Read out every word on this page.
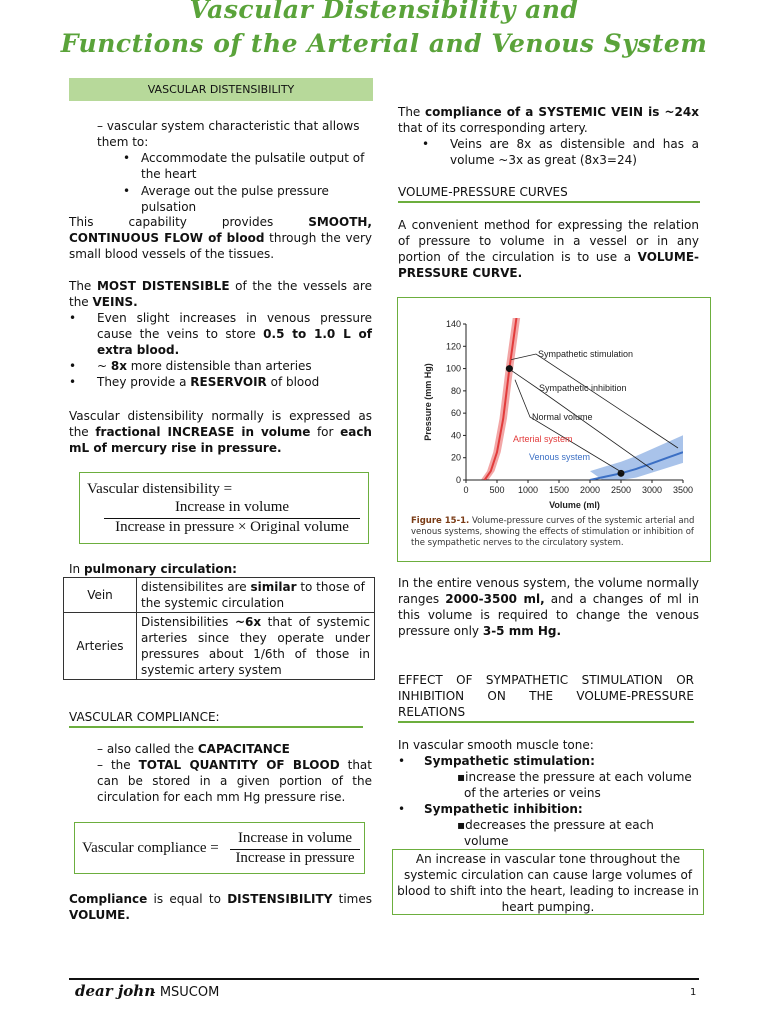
Vascular Distensibility and
Functions of the Arterial and Venous System
VASCULAR DISTENSIBILITY
– vascular system characteristic that allows them to:
• Accommodate the pulsatile output of the heart
• Average out the pulse pressure pulsation
This capability provides SMOOTH, CONTINUOUS FLOW of blood through the very small blood vessels of the tissues.
The MOST DISTENSIBLE of the the vessels are the VEINS.
• Even slight increases in venous pressure cause the veins to store 0.5 to 1.0 L of extra blood.
• ~ 8x more distensible than arteries
• They provide a RESERVOIR of blood
Vascular distensibility normally is expressed as the fractional INCREASE in volume for each mL of mercury rise in pressure.
Vascular distensibility =
Increase in volume
Increase in pressure × Original volume
In pulmonary circulation:
Vein	distensibilites are similar to those of the systemic circulation
Arteries	Distensibilities ~6x that of systemic arteries since they operate under pressures about 1/6th of those in systemic artery system
VASCULAR COMPLIANCE:
– also called the CAPACITANCE
– the TOTAL QUANTITY OF BLOOD that can be stored in a given portion of the circulation for each mm Hg pressure rise.
Vascular compliance =
Increase in volume
Increase in pressure
Compliance is equal to DISTENSIBILITY times VOLUME.
The compliance of a SYSTEMIC VEIN is ~24x that of its corresponding artery.
• Veins are 8x as distensible and has a volume ~3x as great (8x3=24)
VOLUME-PRESSURE CURVES
A convenient method for expressing the relation of pressure to volume in a vessel or in any portion of the circulation is to use a VOLUME-PRESSURE CURVE.
0 500 1000 1500 2000 2500 3000 3500
0
20
40
60
80
100
120
140
Volume (ml)
Pressure (mm Hg)
Sympathetic stimulation
Sympathetic inhibition
Normal volume
Arterial system
Venous system
Figure 15-1. Volume-pressure curves of the systemic arterial and venous systems, showing the effects of stimulation or inhibition of the sympathetic nerves to the circulatory system.
In the entire venous system, the volume normally ranges 2000-3500 ml, and a changes of ml in this volume is required to change the venous pressure only 3-5 mm Hg.
EFFECT OF SYMPATHETIC STIMULATION OR INHIBITION ON THE VOLUME-PRESSURE RELATIONS
In vascular smooth muscle tone:
• Sympathetic stimulation:
▪increase the pressure at each volume of the arteries or veins
• Sympathetic inhibition:
▪decreases the pressure at each volume
An increase in vascular tone throughout the systemic circulation can cause large volumes of blood to shift into the heart, leading to increase in heart pumping.
dear john
- MSUCOM	1
